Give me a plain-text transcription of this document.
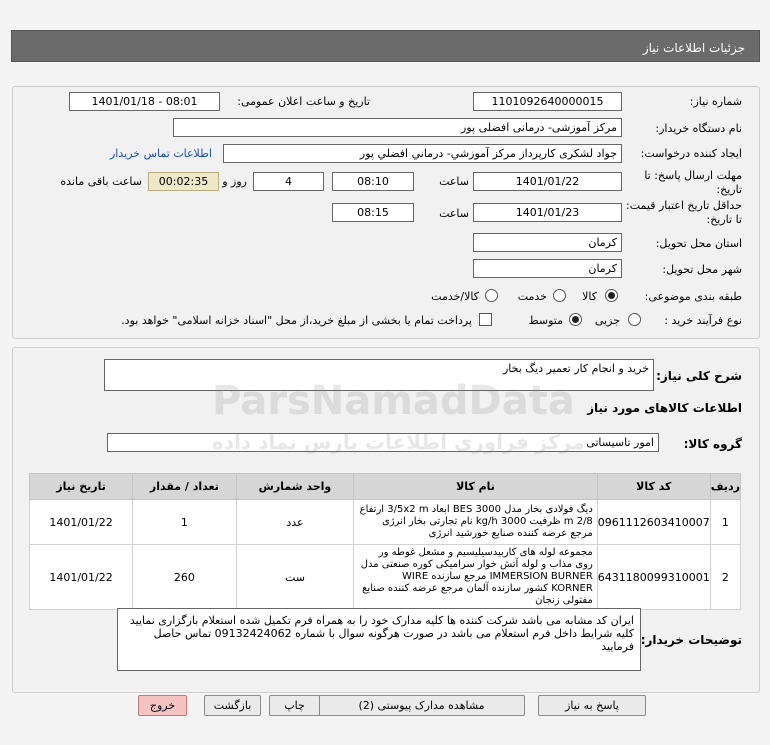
جزئیات اطلاعات نیاز
شماره نیاز:
1101092640000015
تاریخ و ساعت اعلان عمومی:
1401/01/18 - 08:01
نام دستگاه خریدار:
مرکز آموزشی- درمانی افضلی پور
ایجاد کننده درخواست:
جواد لشکری کارپرداز مرکز آموزشي- درماني افضلي پور
اطلاعات تماس خریدار
مهلت ارسال پاسخ: تا تاریخ:
1401/01/22
ساعت
08:10
4
روز و
00:02:35
ساعت باقی مانده
حداقل تاریخ اعتبار قیمت: تا تاریخ:
1401/01/23
ساعت
08:15
استان محل تحویل:
کرمان
شهر محل تحویل:
کرمان
طبقه بندی موضوعی:
کالا
خدمت
کالا/خدمت
نوع فرآیند خرید :
جزیی
متوسط
پرداخت تمام یا بخشی از مبلغ خرید،از محل "اسناد خزانه اسلامی" خواهد بود.
شرح کلی نیاز:
خرید و انجام کار تعمیر دیگ بخار
اطلاعات کالاهای مورد نیاز
گروه کالا:
امور تاسیساتی
ردیف	کد کالا	نام کالا	واحد شمارش	تعداد / مقدار	تاریخ نیاز
1	0961112603410007	دیگ فولادی بخار مدل BES 3000 ابعاد 3/5x2 m ارتفاع 2/8 m ظرفیت 3000 kg/h نام تجارتی بخار انرژی مرجع عرضه کننده صنایع خورشید انرژی	عدد	1	1401/01/22
2	6431180099310001	مجموعه لوله های کاربیدسیلیسیم و مشعل غوطه ور روی مذاب و لوله آتش خوار سرامیکی کوره صنعتی مدل IMMERSION BURNER مرجع سازنده WIRE KORNER کشور سازنده آلمان مرجع عرضه کننده صنایع مفتولی زنجان	ست	260	1401/01/22
توضیحات خریدار:
ایران کد مشابه می باشد شرکت کننده ها کلیه مدارک خود را به همراه فرم تکمیل شده استعلام بارگزاری نمایید کلیه شرایط داخل فرم استعلام می باشد در صورت هرگونه سوال با شماره 09132424062 تماس حاصل فرمایید
پاسخ به نیاز
مشاهده مدارک پیوستی (2)
چاپ
بازگشت
خروج
